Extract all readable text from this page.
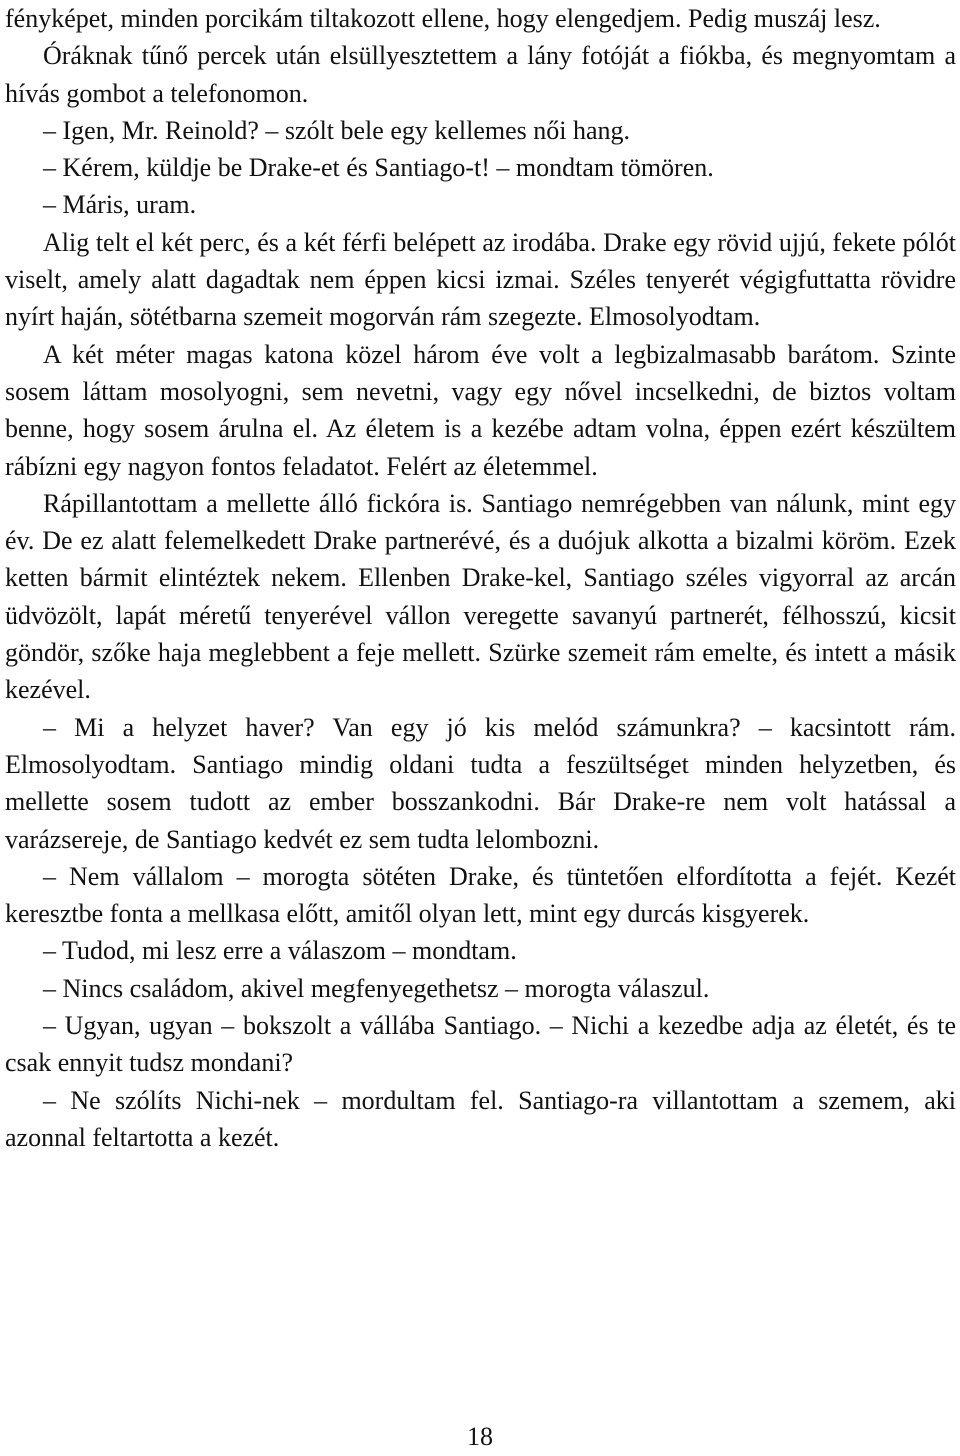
fényképet, minden porcikám tiltakozott ellene, hogy elengedjem. Pedig muszáj lesz.

Óráknak tűnő percek után elsüllyesztettem a lány fotóját a fiókba, és megnyomtam a hívás gombot a telefonomon.

– Igen, Mr. Reinold? – szólt bele egy kellemes női hang.

– Kérem, küldje be Drake-et és Santiago-t! – mondtam tömören.

– Máris, uram.

Alig telt el két perc, és a két férfi belépett az irodába. Drake egy rövid ujjú, fekete pólót viselt, amely alatt dagadtak nem éppen kicsi izmai. Széles tenyerét végigfuttatta rövidre nyírt haján, sötétbarna szemeit mogorván rám szegezte. Elmosolyodtam.

A két méter magas katona közel három éve volt a legbizalmasabb barátom. Szinte sosem láttam mosolyogni, sem nevetni, vagy egy nővel incselkedni, de biztos voltam benne, hogy sosem árulna el. Az életem is a kezébe adtam volna, éppen ezért készültem rábízni egy nagyon fontos feladatot. Felért az életemmel.

Rápillantottam a mellette álló fickóra is. Santiago nemrégebben van nálunk, mint egy év. De ez alatt felemelkedett Drake partnerévé, és a duójuk alkotta a bizalmi köröm. Ezek ketten bármit elintéztek nekem. Ellenben Drake-kel, Santiago széles vigyorral az arcán üdvözölt, lapát méretű tenyerével vállon veregette savanyú partnerét, félhosszú, kicsit göndör, szőke haja meglebbent a feje mellett. Szürke szemeit rám emelte, és intett a másik kezével.

– Mi a helyzet haver? Van egy jó kis melód számunkra? – kacsintott rám. Elmosolyodtam. Santiago mindig oldani tudta a feszültséget minden helyzetben, és mellette sosem tudott az ember bosszankodni. Bár Drake-re nem volt hatással a varázsereje, de Santiago kedvét ez sem tudta lelombozni.

– Nem vállalom – morogta sötéten Drake, és tüntetően elfordította a fejét. Kezét keresztbe fonta a mellkasa előtt, amitől olyan lett, mint egy durcás kisgyerek.

– Tudod, mi lesz erre a válaszom – mondtam.

– Nincs családom, akivel megfenyegethetsz – morogta válaszul.

– Ugyan, ugyan – bokszolt a vállába Santiago. – Nichi a kezedbe adja az életét, és te csak ennyit tudsz mondani?

– Ne szólíts Nichi-nek – mordultam fel. Santiago-ra villantottam a szemem, aki azonnal feltartotta a kezét.

18
